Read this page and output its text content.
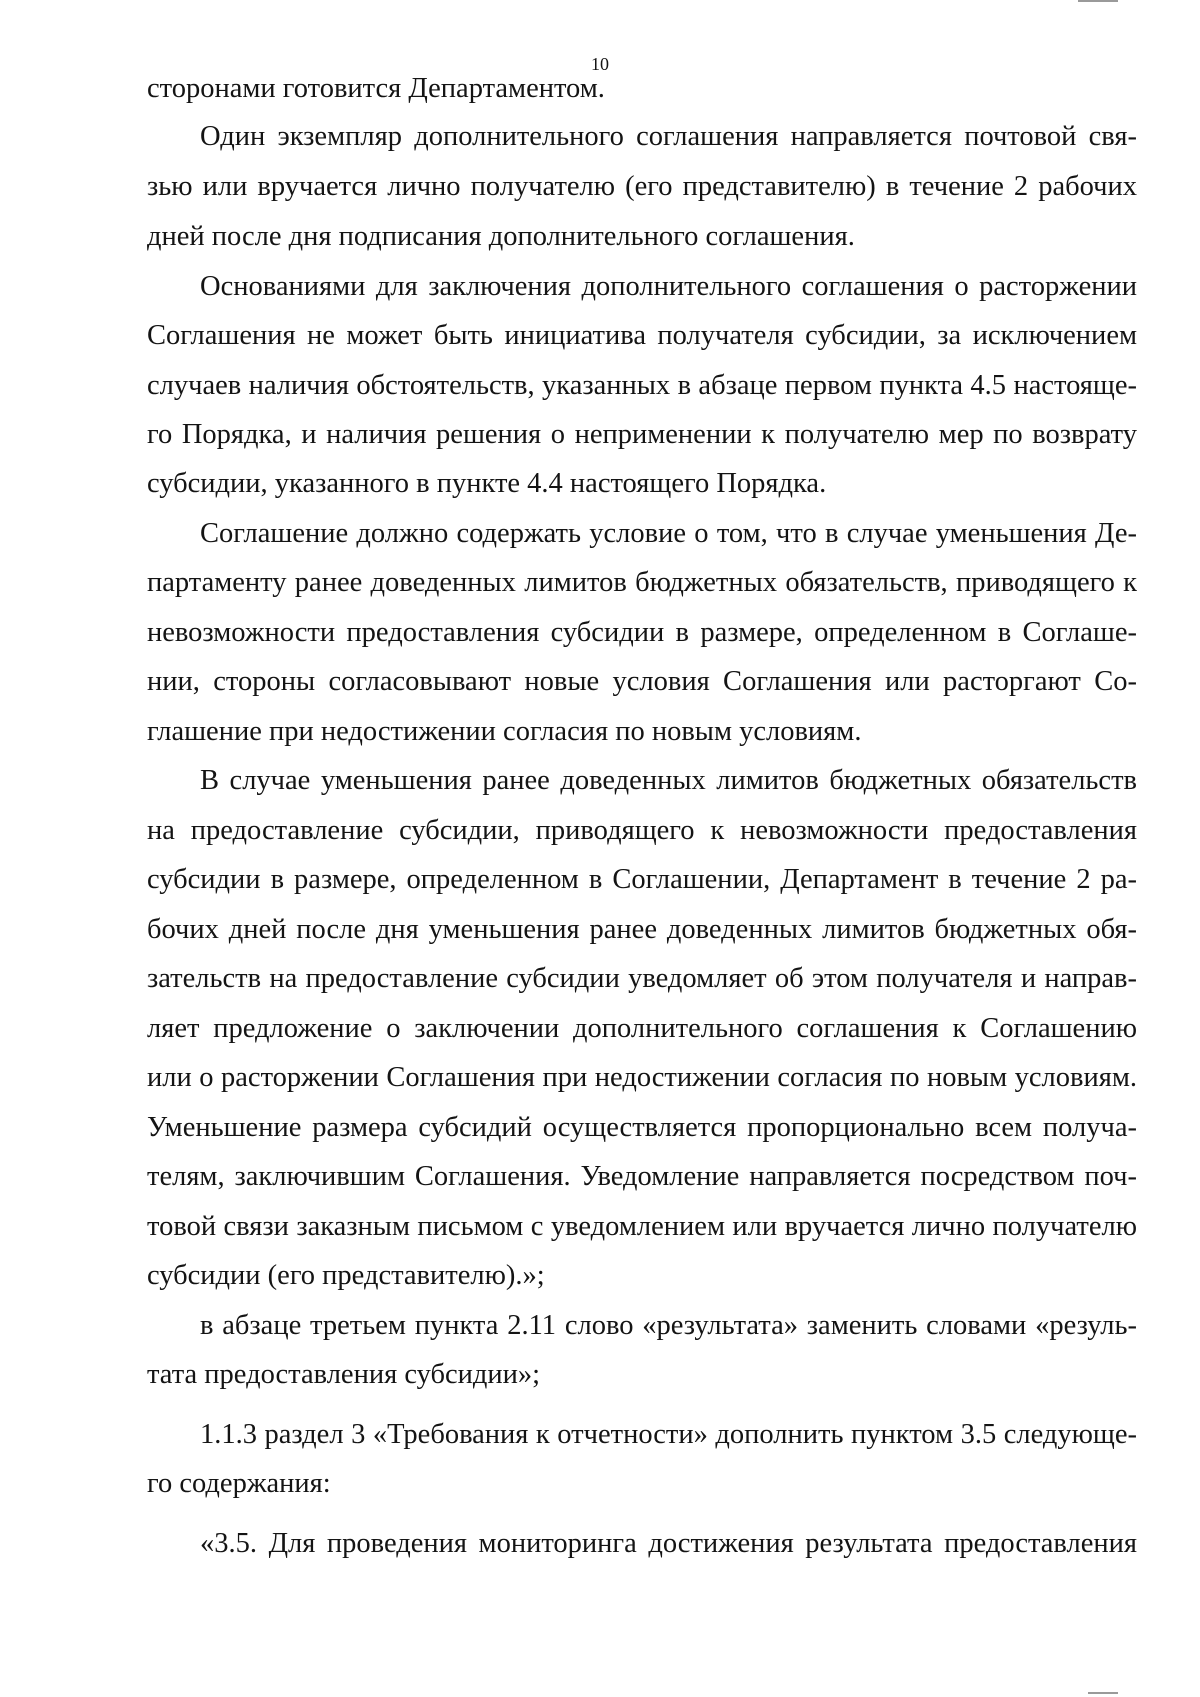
10
сторонами готовится Департаментом.
Один экземпляр дополнительного соглашения направляется почтовой свя-
зью или вручается лично получателю (его представителю) в течение 2 рабочих
дней после дня подписания дополнительного соглашения.
Основаниями для заключения дополнительного соглашения о расторжении
Соглашения не может быть инициатива получателя субсидии, за исключением
случаев наличия обстоятельств, указанных в абзаце первом пункта 4.5 настояще-
го Порядка, и наличия решения о неприменении к получателю мер по возврату
субсидии, указанного в пункте 4.4 настоящего Порядка.
Соглашение должно содержать условие о том, что в случае уменьшения Де-
партаменту ранее доведенных лимитов бюджетных обязательств, приводящего к
невозможности предоставления субсидии в размере, определенном в Соглаше-
нии, стороны согласовывают новые условия Соглашения или расторгают Со-
глашение при недостижении согласия по новым условиям.
В случае уменьшения ранее доведенных лимитов бюджетных обязательств
на предоставление субсидии, приводящего к невозможности предоставления
субсидии в размере, определенном в Соглашении, Департамент в течение 2 ра-
бочих дней после дня уменьшения ранее доведенных лимитов бюджетных обя-
зательств на предоставление субсидии уведомляет об этом получателя и направ-
ляет предложение о заключении дополнительного соглашения к Соглашению
или о расторжении Соглашения при недостижении согласия по новым условиям.
Уменьшение размера субсидий осуществляется пропорционально всем получа-
телям, заключившим Соглашения. Уведомление направляется посредством поч-
товой связи заказным письмом с уведомлением или вручается лично получателю
субсидии (его представителю).»;
в абзаце третьем пункта 2.11 слово «результата» заменить словами «резуль-
тата предоставления субсидии»;
1.1.3 раздел 3 «Требования к отчетности» дополнить пунктом 3.5 следующе-
го содержания:
«3.5. Для проведения мониторинга достижения результата предоставления
